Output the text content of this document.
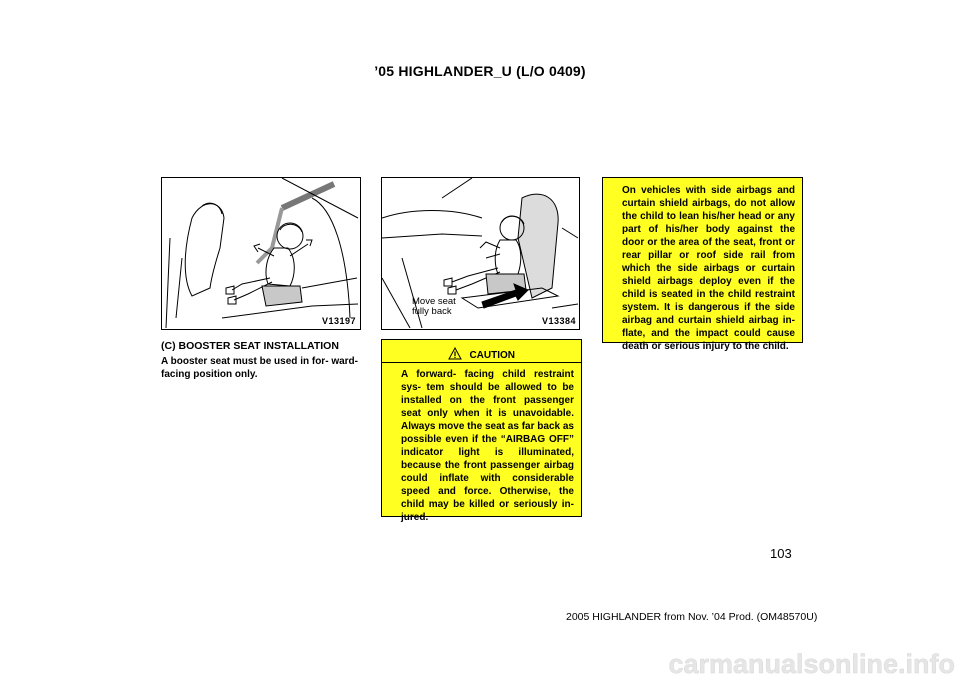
’05 HIGHLANDER_U (L/O 0409)
V13197
Move seat
fully back
V13384
(C) BOOSTER SEAT INSTALLATION
A booster seat must be used in for- ward- facing position only.
CAUTION
A forward- facing child restraint sys- tem should be allowed to be installed on the front passenger seat only when it is unavoidable. Always move the seat as far back as possible even if the “AIRBAG OFF” indicator light is illuminated, because the front passenger airbag could inflate with considerable speed and force. Otherwise, the child may be killed or seriously in- jured.
On vehicles with side airbags and curtain shield airbags, do not allow the child to lean his/her head or any part of his/her body against the door or the area of the seat, front or rear pillar or roof side rail from which the side airbags or curtain shield airbags deploy even if the child is seated in the child restraint system. It is dangerous if the side airbag and curtain shield airbag in- flate, and the impact could cause death or serious injury to the child.
103
2005 HIGHLANDER from Nov. ’04 Prod. (OM48570U)
carmanualsonline.info
